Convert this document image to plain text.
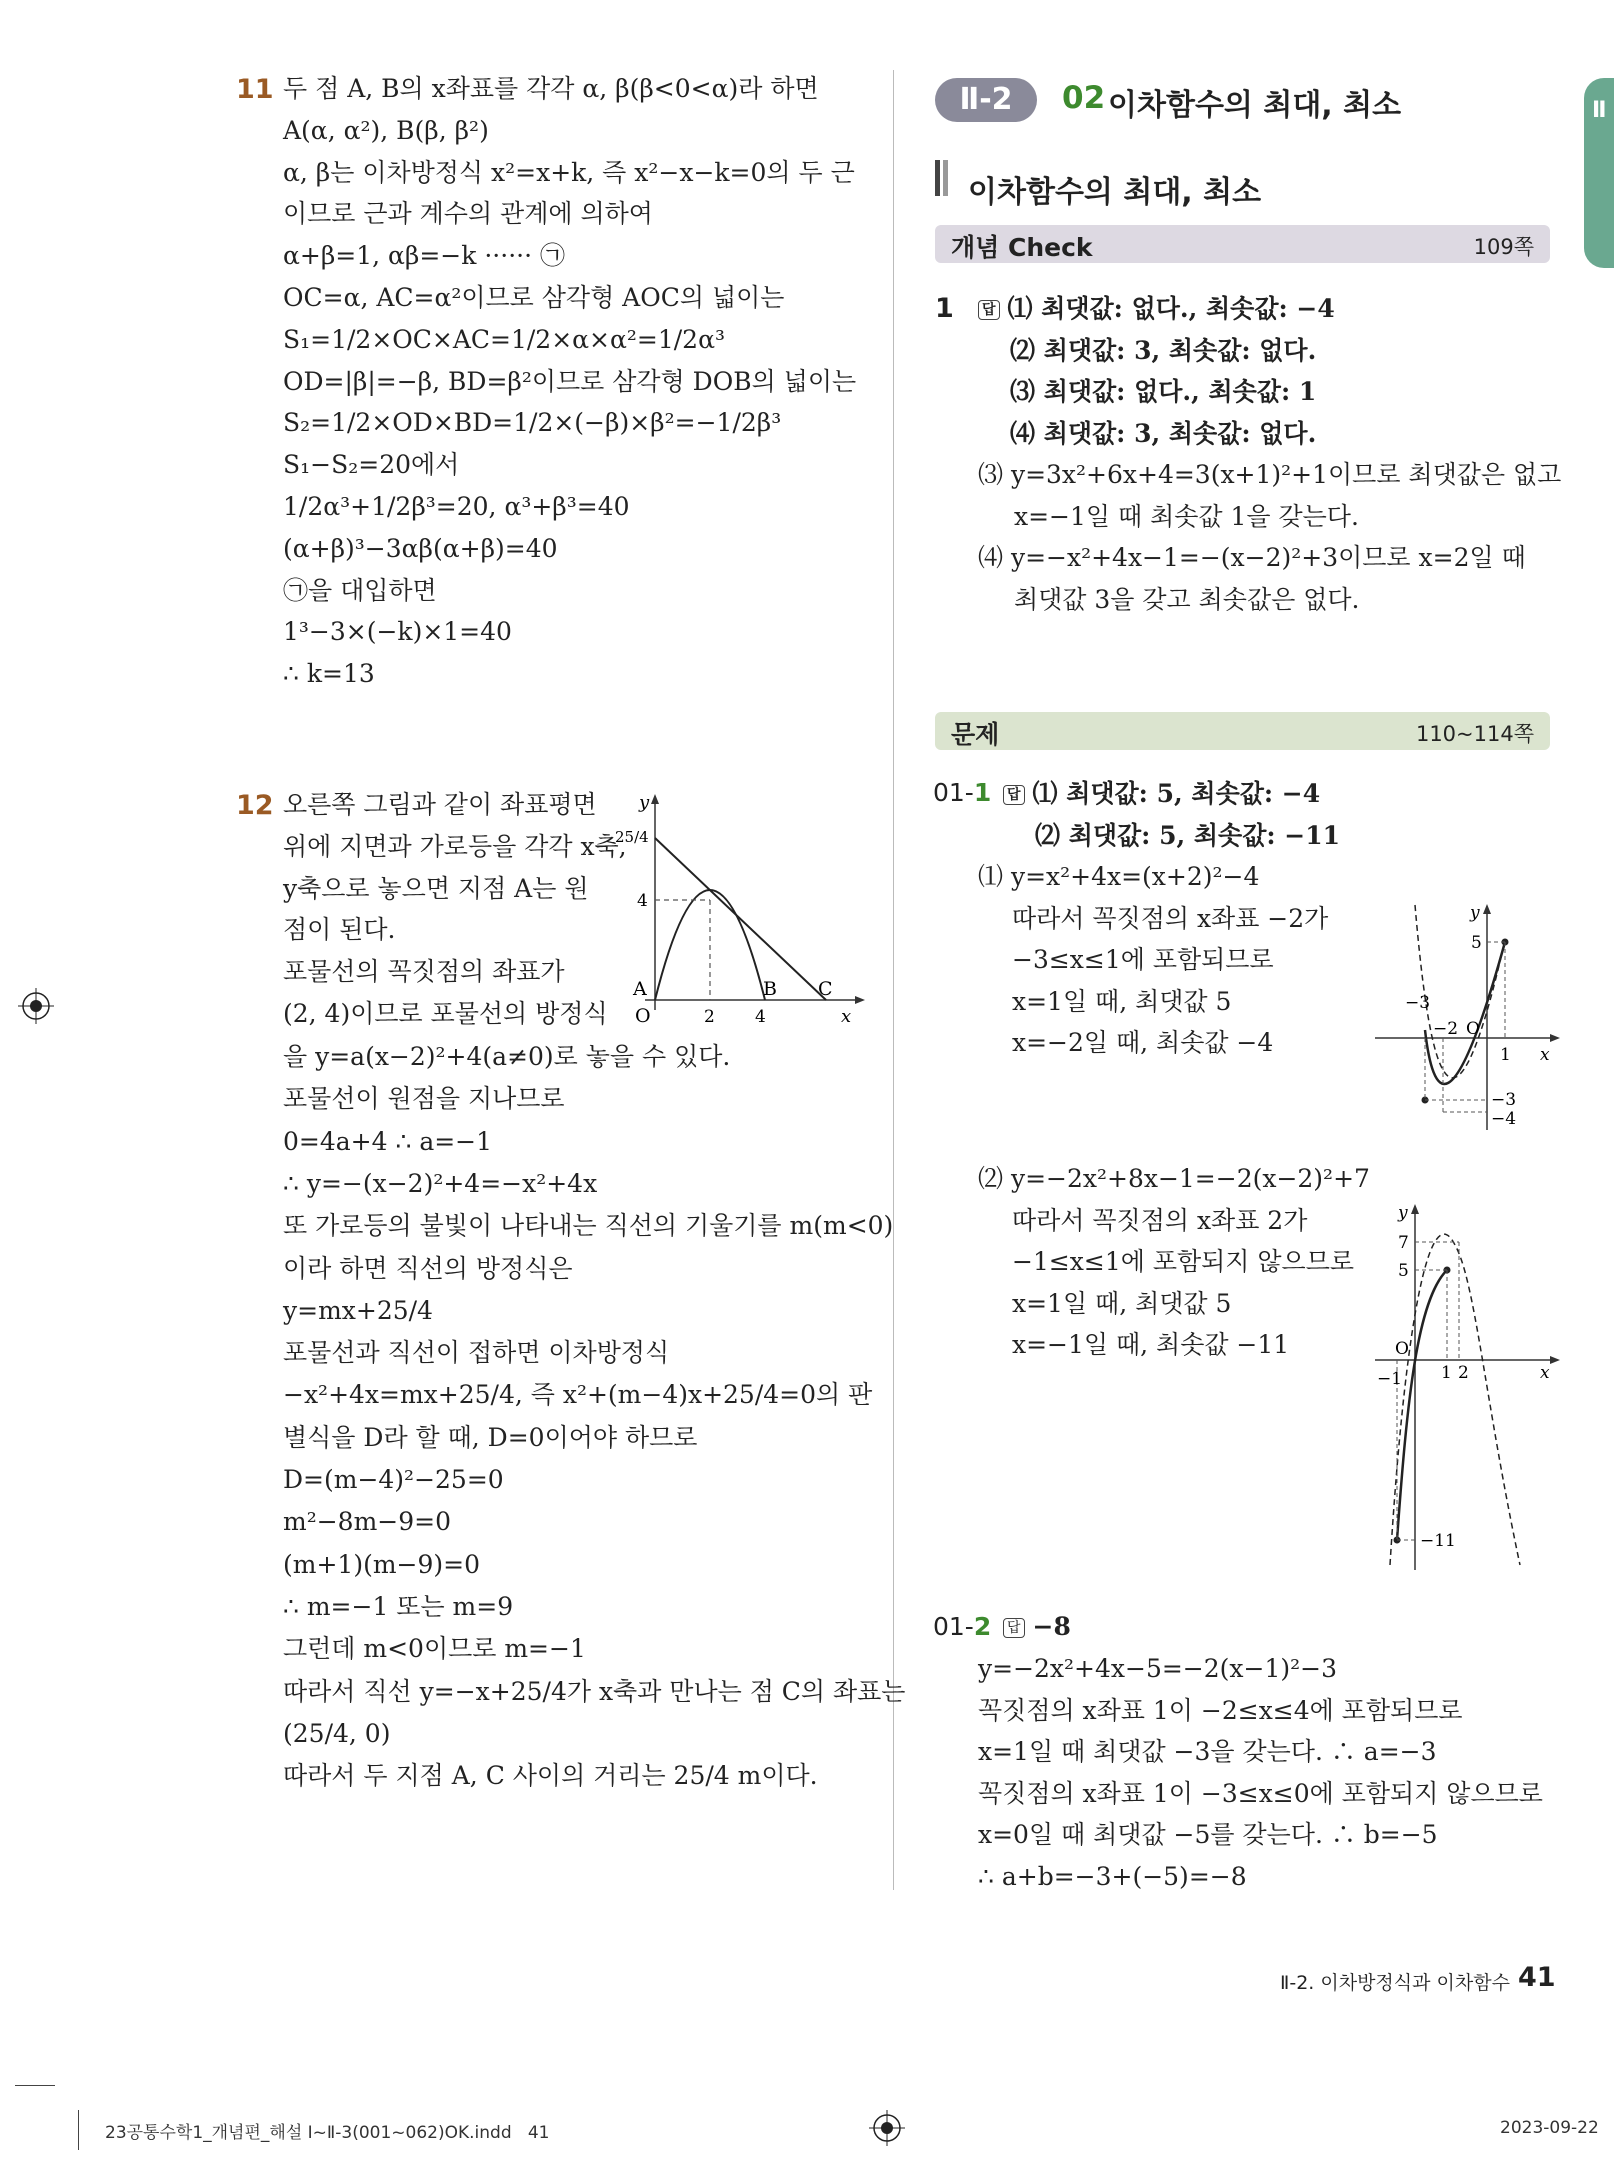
Ⅱ
11 두 점 A, B의 x좌표를 각각 α, β(β<0<α)라 하면
A(α, α²), B(β, β²)
α, β는 이차방정식 x²=x+k, 즉 x²−x−k=0의 두 근
이므로 근과 계수의 관계에 의하여
α+β=1, αβ=−k ······ ㉠
OC=α, AC=α²이므로 삼각형 AOC의 넓이는
S₁=1/2×OC×AC=1/2×α×α²=1/2α³
OD=|β|=−β, BD=β²이므로 삼각형 DOB의 넓이는
S₂=1/2×OD×BD=1/2×(−β)×β²=−1/2β³
S₁−S₂=20에서
1/2α³+1/2β³=20, α³+β³=40
(α+β)³−3αβ(α+β)=40
㉠을 대입하면
1³−3×(−k)×1=40
∴ k=13
12 오른쪽 그림과 같이 좌표평면
위에 지면과 가로등을 각각 x축,
y축으로 놓으면 지점 A는 원
점이 된다.
포물선의 꼭짓점의 좌표가
(2, 4)이므로 포물선의 방정식
을 y=a(x−2)²+4(a≠0)로 놓을 수 있다.
포물선이 원점을 지나므로
0=4a+4 ∴ a=−1
∴ y=−(x−2)²+4=−x²+4x
또 가로등의 불빛이 나타내는 직선의 기울기를 m(m<0)
이라 하면 직선의 방정식은
y=mx+25/4
포물선과 직선이 접하면 이차방정식
−x²+4x=mx+25/4, 즉 x²+(m−4)x+25/4=0의 판
별식을 D라 할 때, D=0이어야 하므로
D=(m−4)²−25=0
m²−8m−9=0
(m+1)(m−9)=0
∴ m=−1 또는 m=9
그런데 m<0이므로 m=−1
따라서 직선 y=−x+25/4가 x축과 만나는 점 C의 좌표는
(25/4, 0)
따라서 두 지점 A, C 사이의 거리는 25/4 m이다.
y
25/4
4
A
O	2
B
4
C
x
Ⅱ-2	02 이차함수의 최대, 최소
이차함수의 최대, 최소
개념 Check	109쪽
1 답 ⑴ 최댓값: 없다., 최솟값: −4
⑵ 최댓값: 3, 최솟값: 없다.
⑶ 최댓값: 없다., 최솟값: 1
⑷ 최댓값: 3, 최솟값: 없다.
⑶ y=3x²+6x+4=3(x+1)²+1이므로 최댓값은 없고
x=−1일 때 최솟값 1을 갖는다.
⑷ y=−x²+4x−1=−(x−2)²+3이므로 x=2일 때
최댓값 3을 갖고 최솟값은 없다.
문제	110~114쪽
01-1 답 ⑴ 최댓값: 5, 최솟값: −4
⑵ 최댓값: 5, 최솟값: −11
⑴ y=x²+4x=(x+2)²−4
따라서 꼭짓점의 x좌표 −2가
−3≤x≤1에 포함되므로
x=1일 때, 최댓값 5
x=−2일 때, 최솟값 −4
⑵ y=−2x²+8x−1=−2(x−2)²+7
따라서 꼭짓점의 x좌표 2가
−1≤x≤1에 포함되지 않으므로
x=1일 때, 최댓값 5
x=−1일 때, 최솟값 −11
y
5
−3
−2 O
1 x
−3
−4
y
7
5
O
−1 1 2	x
−11
01-2 답 −8
y=−2x²+4x−5=−2(x−1)²−3
꼭짓점의 x좌표 1이 −2≤x≤4에 포함되므로
x=1일 때 최댓값 −3을 갖는다. ∴ a=−3
꼭짓점의 x좌표 1이 −3≤x≤0에 포함되지 않으므로
x=0일 때 최댓값 −5를 갖는다. ∴ b=−5
∴ a+b=−3+(−5)=−8
Ⅱ-2. 이차방정식과 이차함수 41
23공통수학1_개념편_해설 Ⅰ~Ⅱ-3(001~062)OK.indd   41	2023-09-22
